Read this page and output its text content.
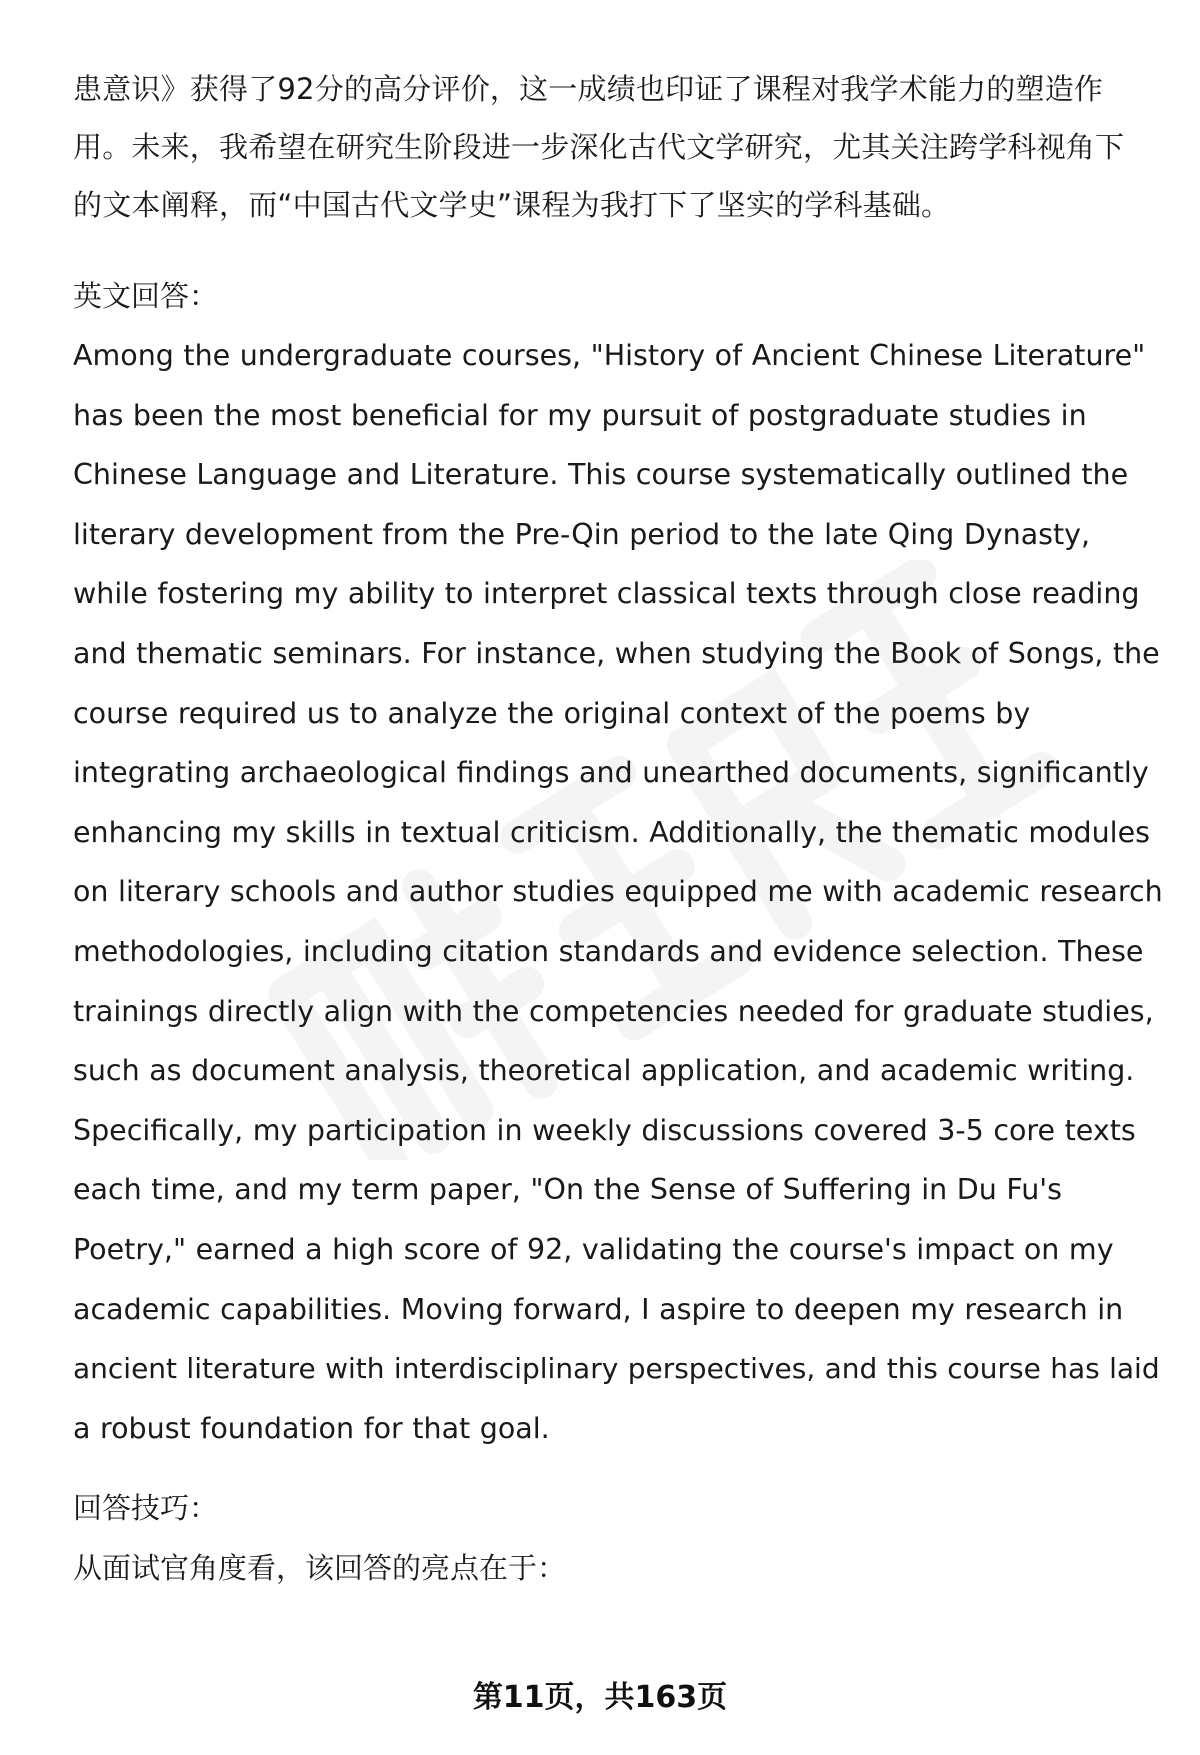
患意识》获得了92分的高分评价，这一成绩也印证了课程对我学术能力的塑造作
用。未来，我希望在研究生阶段进一步深化古代文学研究，尤其关注跨学科视角下
的文本阐释，而“中国古代文学史”课程为我打下了坚实的学科基础。

英文回答：

Among the undergraduate courses, "History of Ancient Chinese Literature"
has been the most beneficial for my pursuit of postgraduate studies in
Chinese Language and Literature. This course systematically outlined the
literary development from the Pre-Qin period to the late Qing Dynasty,
while fostering my ability to interpret classical texts through close reading
and thematic seminars. For instance, when studying the Book of Songs, the
course required us to analyze the original context of the poems by
integrating archaeological findings and unearthed documents, significantly
enhancing my skills in textual criticism. Additionally, the thematic modules
on literary schools and author studies equipped me with academic research
methodologies, including citation standards and evidence selection. These
trainings directly align with the competencies needed for graduate studies,
such as document analysis, theoretical application, and academic writing.
Specifically, my participation in weekly discussions covered 3-5 core texts
each time, and my term paper, "On the Sense of Suffering in Du Fu's
Poetry," earned a high score of 92, validating the course's impact on my
academic capabilities. Moving forward, I aspire to deepen my research in
ancient literature with interdisciplinary perspectives, and this course has laid
a robust foundation for that goal.

回答技巧：

从面试官角度看，该回答的亮点在于：

第11页，共163页
